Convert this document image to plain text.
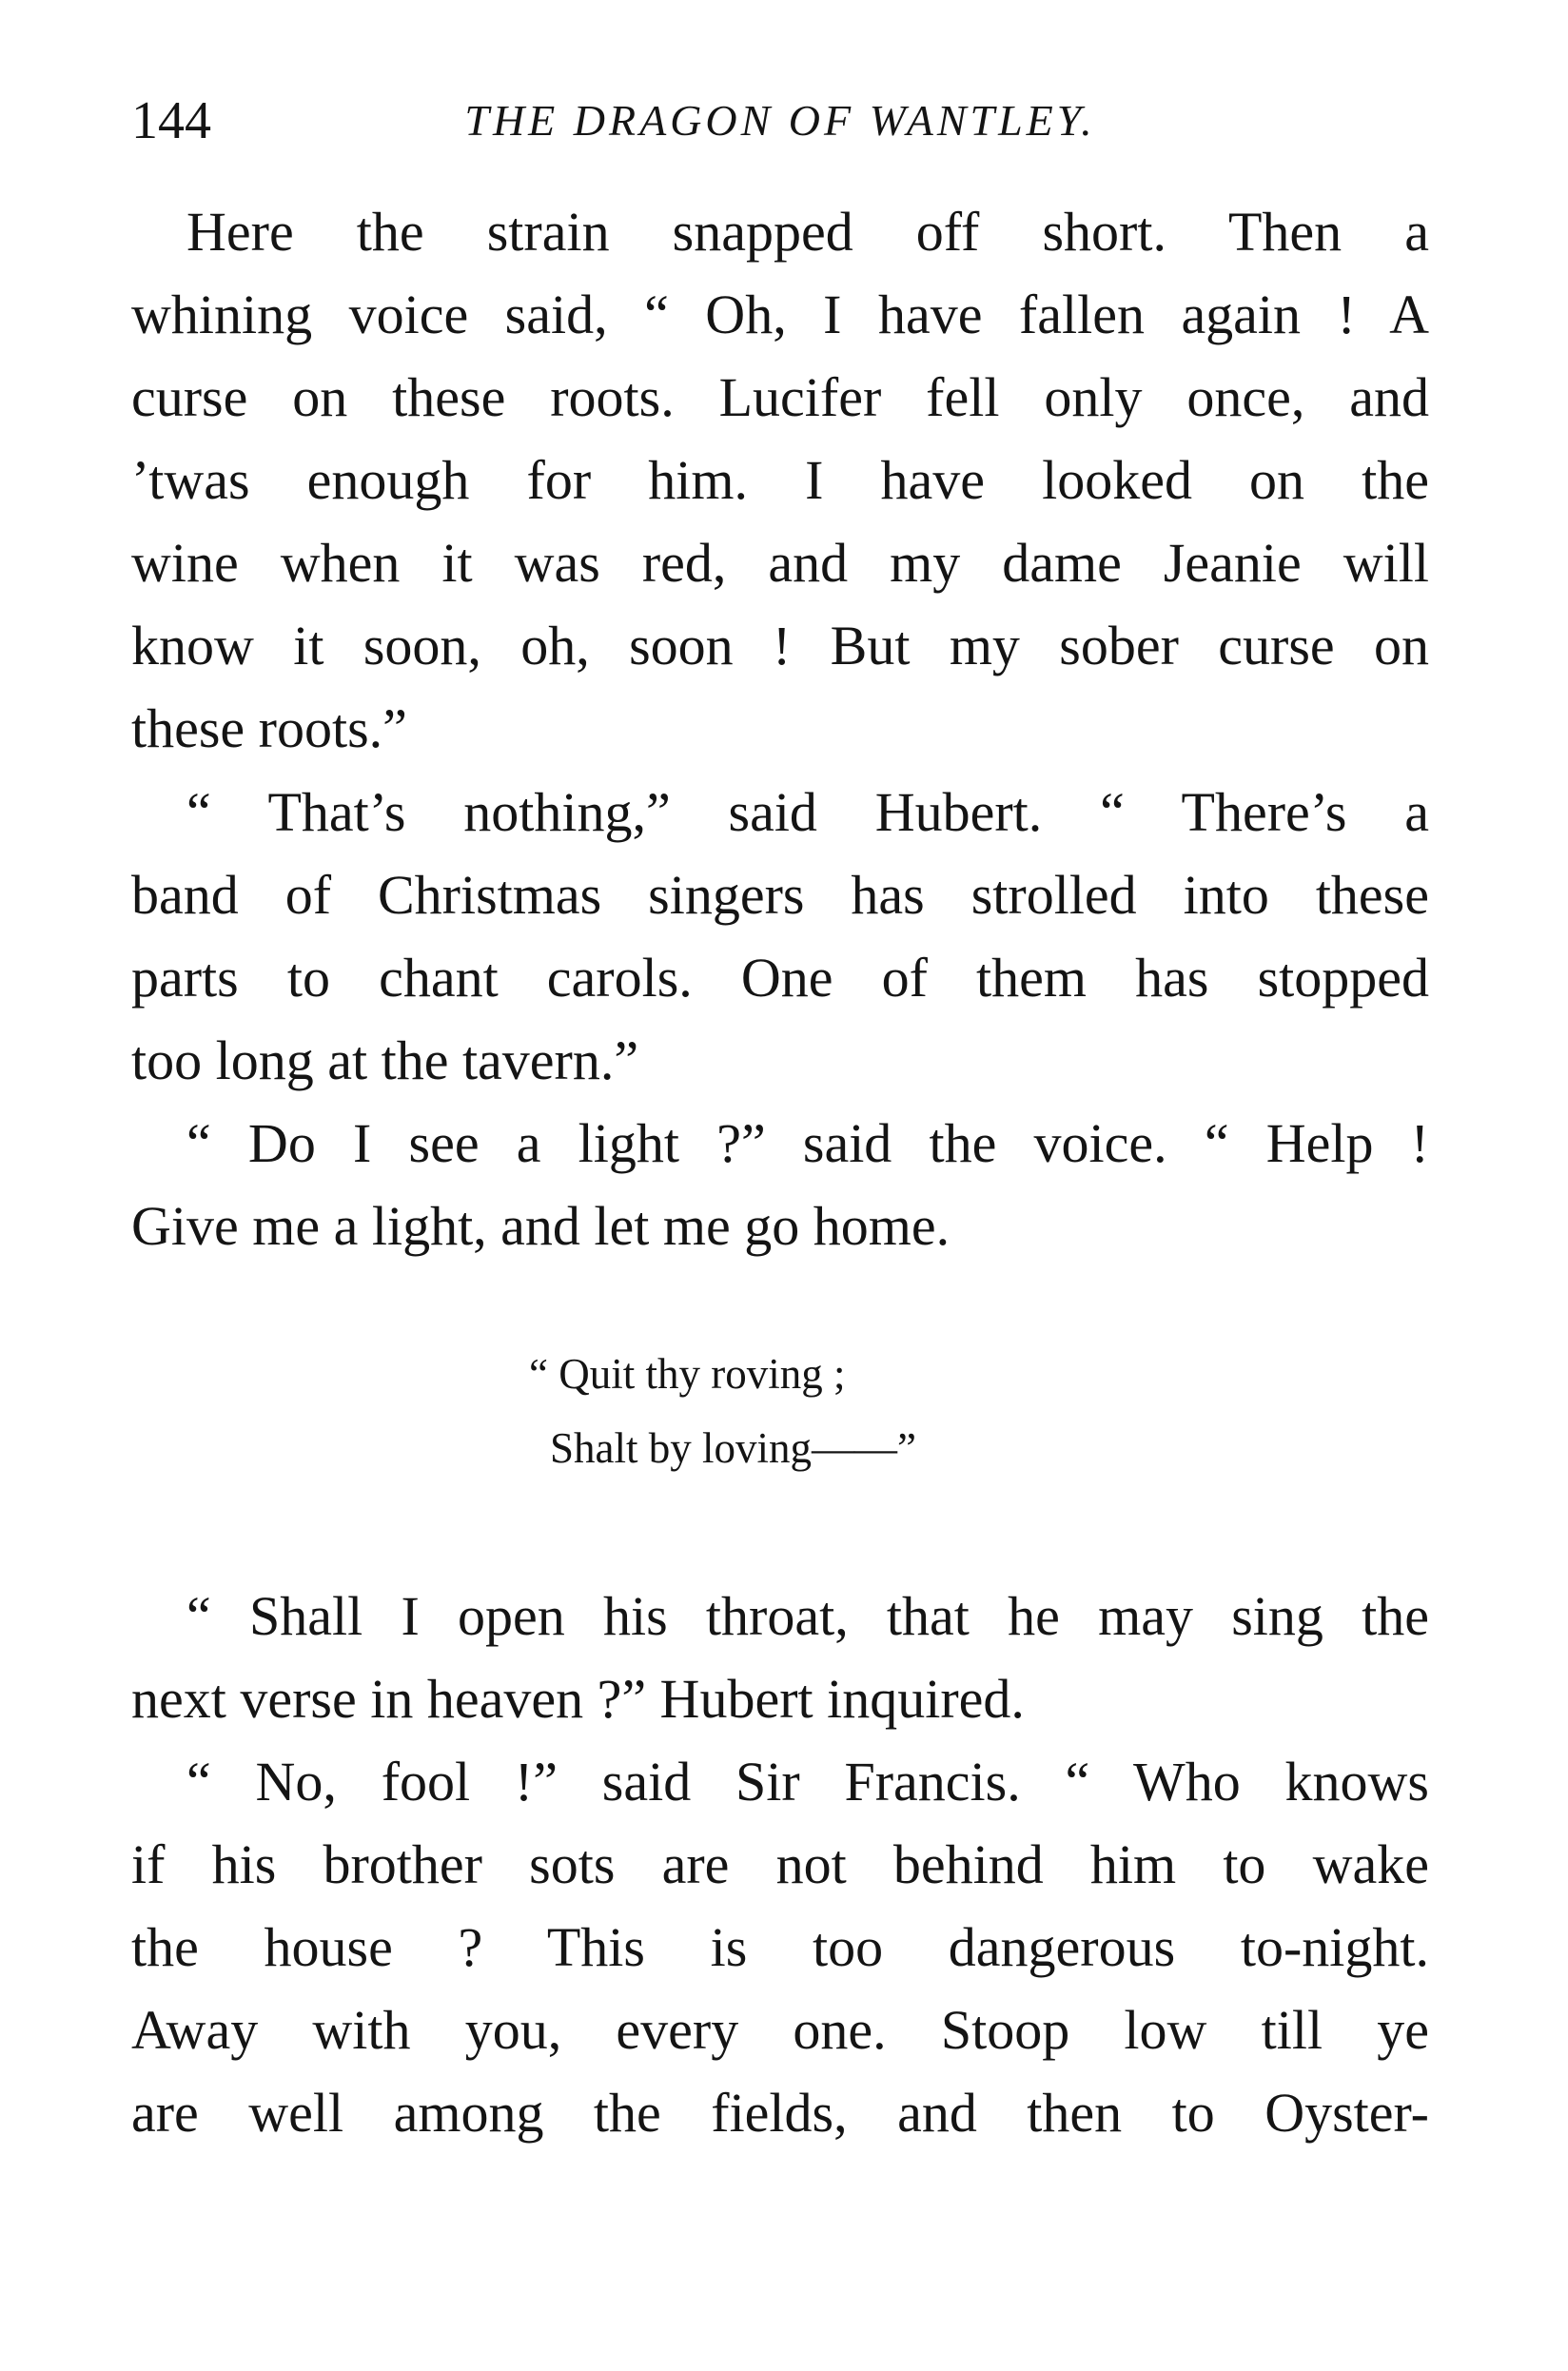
144	THE DRAGON OF WANTLEY.
Here the strain snapped off short. Then a
whining voice said, “ Oh, I have fallen again ! A
curse on these roots. Lucifer fell only once, and
’twas enough for him. I have looked on the
wine when it was red, and my dame Jeanie will
know it soon, oh, soon ! But my sober curse on
these roots.”
“ That’s nothing,” said Hubert. “ There’s a
band of Christmas singers has strolled into these
parts to chant carols. One of them has stopped
too long at the tavern.”
“ Do I see a light ?” said the voice. “ Help !
Give me a light, and let me go home.
“ Quit thy roving ;
Shalt by loving——”
“ Shall I open his throat, that he may sing the
next verse in heaven ?” Hubert inquired.
“ No, fool !” said Sir Francis. “ Who knows
if his brother sots are not behind him to wake
the house ? This is too dangerous to-night.
Away with you, every one. Stoop low till ye
are well among the fields, and then to Oyster-
